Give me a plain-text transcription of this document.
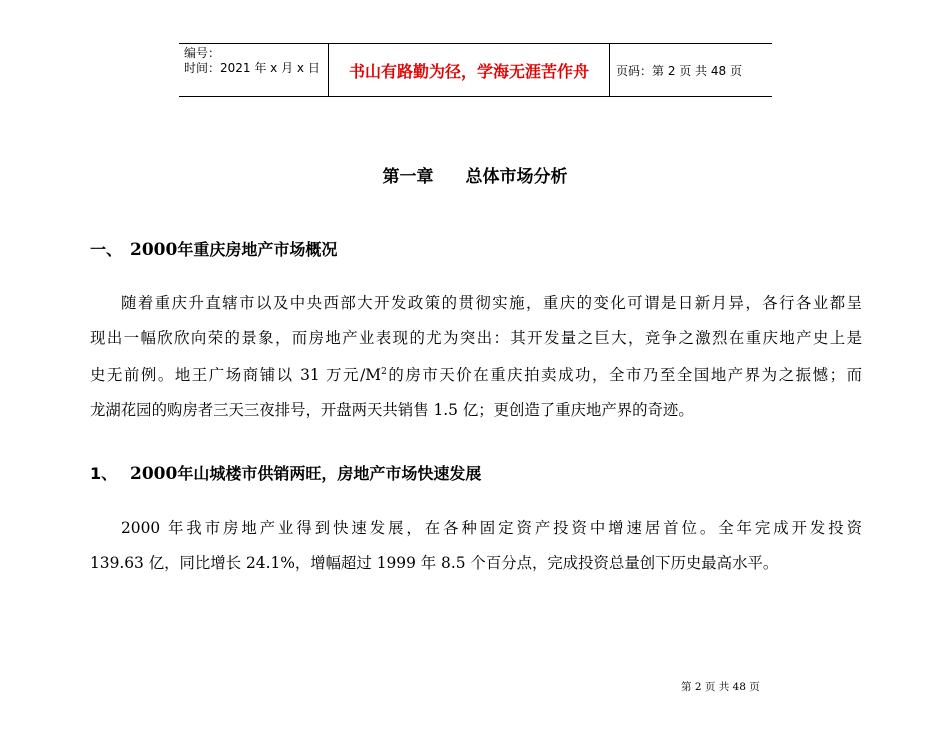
编号：
时间：2021 年 x 月 x 日	书山有路勤为径，学海无涯苦作舟	页码：第 2 页 共 48 页
第一章 总体市场分析
一、 2000年重庆房地产市场概况
随着重庆升直辖市以及中央西部大开发政策的贯彻实施，重庆的变化可谓是日新月异，各行各业都呈
现出一幅欣欣向荣的景象，而房地产业表现的尤为突出：其开发量之巨大，竞争之激烈在重庆地产史上是
史无前例。地王广场商铺以 31 万元$/M^2$的房市天价在重庆拍卖成功，全市乃至全国地产界为之振憾；而
龙湖花园的购房者三天三夜排号，开盘两天共销售 1.5 亿；更创造了重庆地产界的奇迹。
1、 2000年山城楼市供销两旺，房地产市场快速发展
2000 年我市房地产业得到快速发展，在各种固定资产投资中增速居首位。全年完成开发投资
139.63 亿，同比增长 24.1%，增幅超过 1999 年 8.5 个百分点，完成投资总量创下历史最高水平。
第 2 页 共 48 页
